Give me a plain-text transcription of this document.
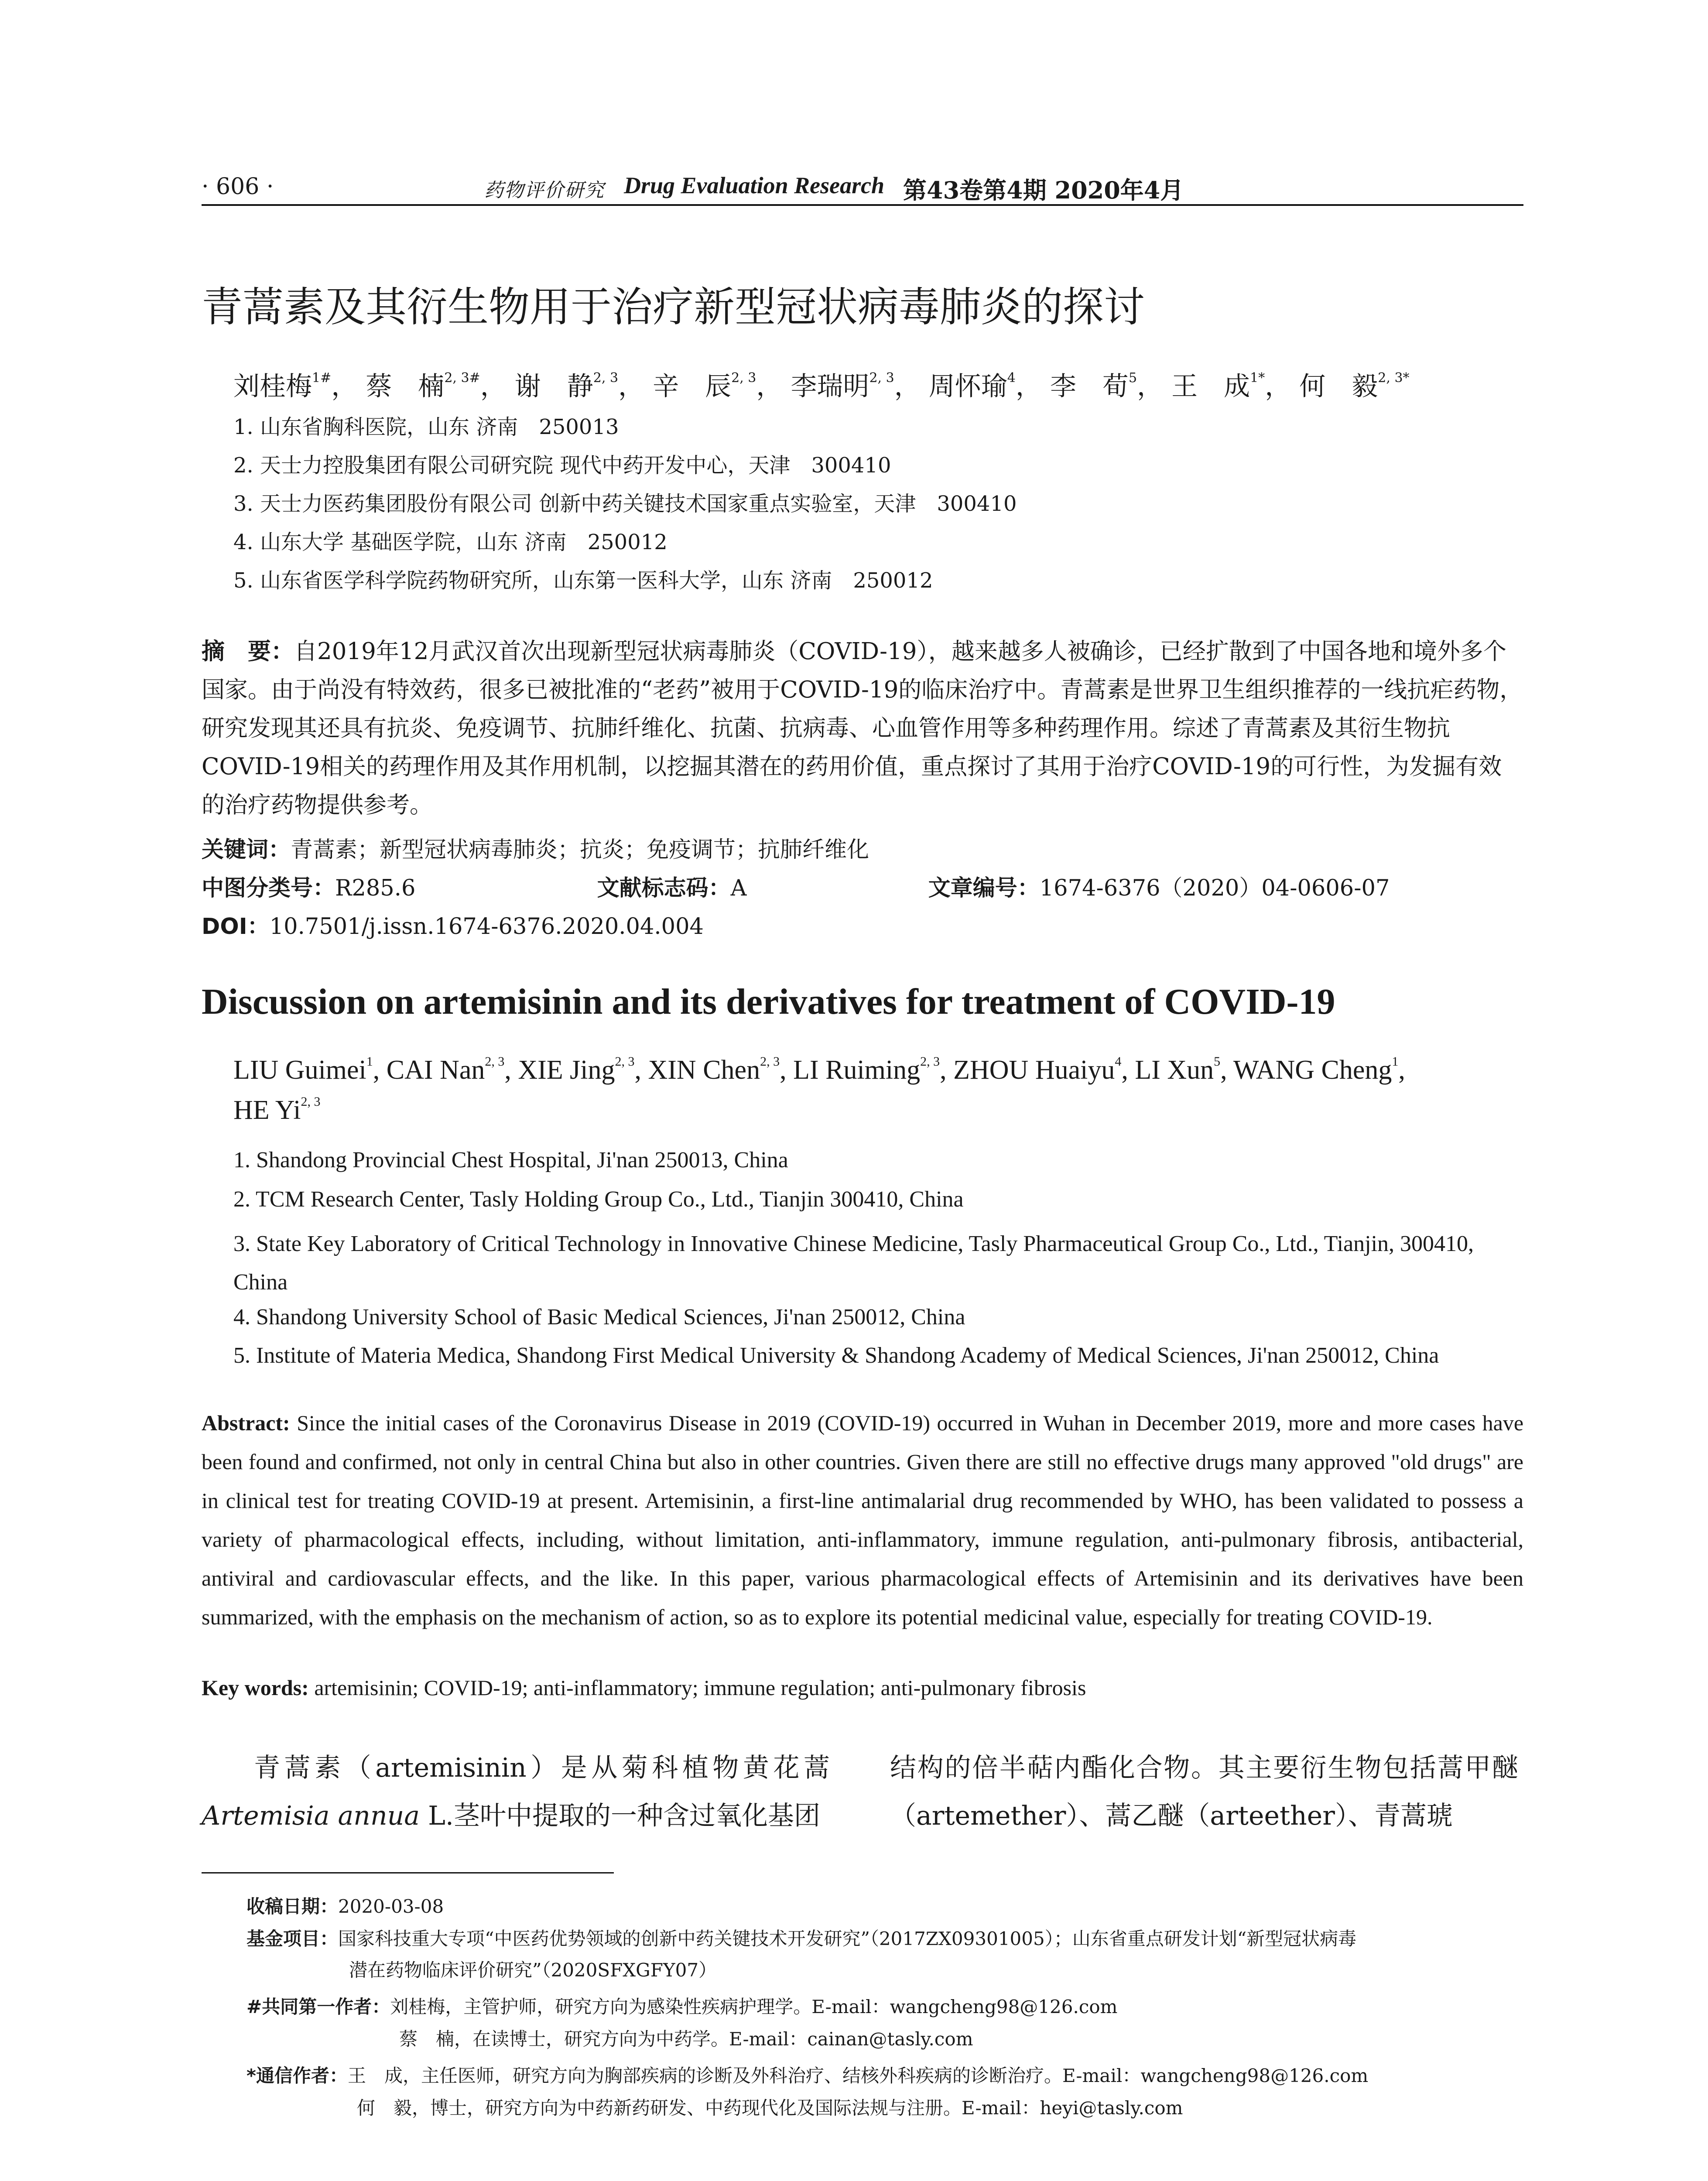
· 606 ·	药物评价研究 Drug Evaluation Research 第43卷第4期 2020年4月
青蒿素及其衍生物用于治疗新型冠状病毒肺炎的探讨
刘桂梅$^{1\#}$， 蔡　楠$^{2, 3\#}$， 谢　静$^{2, 3}$， 辛　辰$^{2, 3}$， 李瑞明$^{2, 3}$， 周怀瑜$^4$， 李　荀$^5$， 王　成$^{1*}$， 何　毅$^{2, 3*}$
1. 山东省胸科医院，山东 济南　250013
2. 天士力控股集团有限公司研究院 现代中药开发中心，天津　300410
3. 天士力医药集团股份有限公司 创新中药关键技术国家重点实验室，天津　300410
4. 山东大学 基础医学院，山东 济南　250012
5. 山东省医学科学院药物研究所，山东第一医科大学，山东 济南　250012
摘　要：自2019年12月武汉首次出现新型冠状病毒肺炎（COVID-19），越来越多人被确诊，已经扩散到了中国各地和境外多个国家。由于尚没有特效药，很多已被批准的“老药”被用于COVID-19的临床治疗中。青蒿素是世界卫生组织推荐的一线抗疟药物，研究发现其还具有抗炎、免疫调节、抗肺纤维化、抗菌、抗病毒、心血管作用等多种药理作用。综述了青蒿素及其衍生物抗COVID-19相关的药理作用及其作用机制，以挖掘其潜在的药用价值，重点探讨了其用于治疗COVID-19的可行性，为发掘有效的治疗药物提供参考。
关键词：青蒿素；新型冠状病毒肺炎；抗炎；免疫调节；抗肺纤维化
中图分类号：R285.6	文献标志码：A	文章编号：1674-6376（2020）04-0606-07
DOI：10.7501/j.issn.1674-6376.2020.04.004
Discussion on artemisinin and its derivatives for treatment of COVID-19
LIU Guimei$^1$, CAI Nan$^{2, 3}$, XIE Jing$^{2, 3}$, XIN Chen$^{2, 3}$, LI Ruiming$^{2, 3}$, ZHOU Huaiyu$^4$, LI Xun$^5$, WANG Cheng$^1$,
HE Yi$^{2, 3}$
1. Shandong Provincial Chest Hospital, Ji'nan 250013, China
2. TCM Research Center, Tasly Holding Group Co., Ltd., Tianjin 300410, China
3. State Key Laboratory of Critical Technology in Innovative Chinese Medicine, Tasly Pharmaceutical Group Co., Ltd., Tianjin, 300410, China
4. Shandong University School of Basic Medical Sciences, Ji'nan 250012, China
5. Institute of Materia Medica, Shandong First Medical University & Shandong Academy of Medical Sciences, Ji'nan 250012, China
Abstract: Since the initial cases of the Coronavirus Disease in 2019 (COVID-19) occurred in Wuhan in December 2019, more and more cases have been found and confirmed, not only in central China but also in other countries. Given there are still no effective drugs many approved "old drugs" are in clinical test for treating COVID-19 at present. Artemisinin, a first-line antimalarial drug recommended by WHO, has been validated to possess a variety of pharmacological effects, including, without limitation, anti-inflammatory, immune regulation, anti-pulmonary fibrosis, antibacterial, antiviral and cardiovascular effects, and the like. In this paper, various pharmacological effects of Artemisinin and its derivatives have been summarized, with the emphasis on the mechanism of action, so as to explore its potential medicinal value, especially for treating COVID-19.
Key words: artemisinin; COVID-19; anti-inflammatory; immune regulation; anti-pulmonary fibrosis
青蒿素（artemisinin）是从菊科植物黄花蒿Artemisia annua L.茎叶中提取的一种含过氧化基团
结构的倍半萜内酯化合物。其主要衍生物包括蒿甲醚（artemether）、蒿乙醚（arteether）、青蒿琥
收稿日期：2020-03-08
基金项目：国家科技重大专项“中医药优势领域的创新中药关键技术开发研究”（2017ZX09301005）；山东省重点研发计划“新型冠状病毒
潜在药物临床评价研究”（2020SFXGFY07）
#共同第一作者：刘桂梅，主管护师，研究方向为感染性疾病护理学。E-mail：wangcheng98@126.com
蔡　楠，在读博士，研究方向为中药学。E-mail：cainan@tasly.com
*通信作者：王　成，主任医师，研究方向为胸部疾病的诊断及外科治疗、结核外科疾病的诊断治疗。E-mail：wangcheng98@126.com
何　毅，博士，研究方向为中药新药研发、中药现代化及国际法规与注册。E-mail：heyi@tasly.com
